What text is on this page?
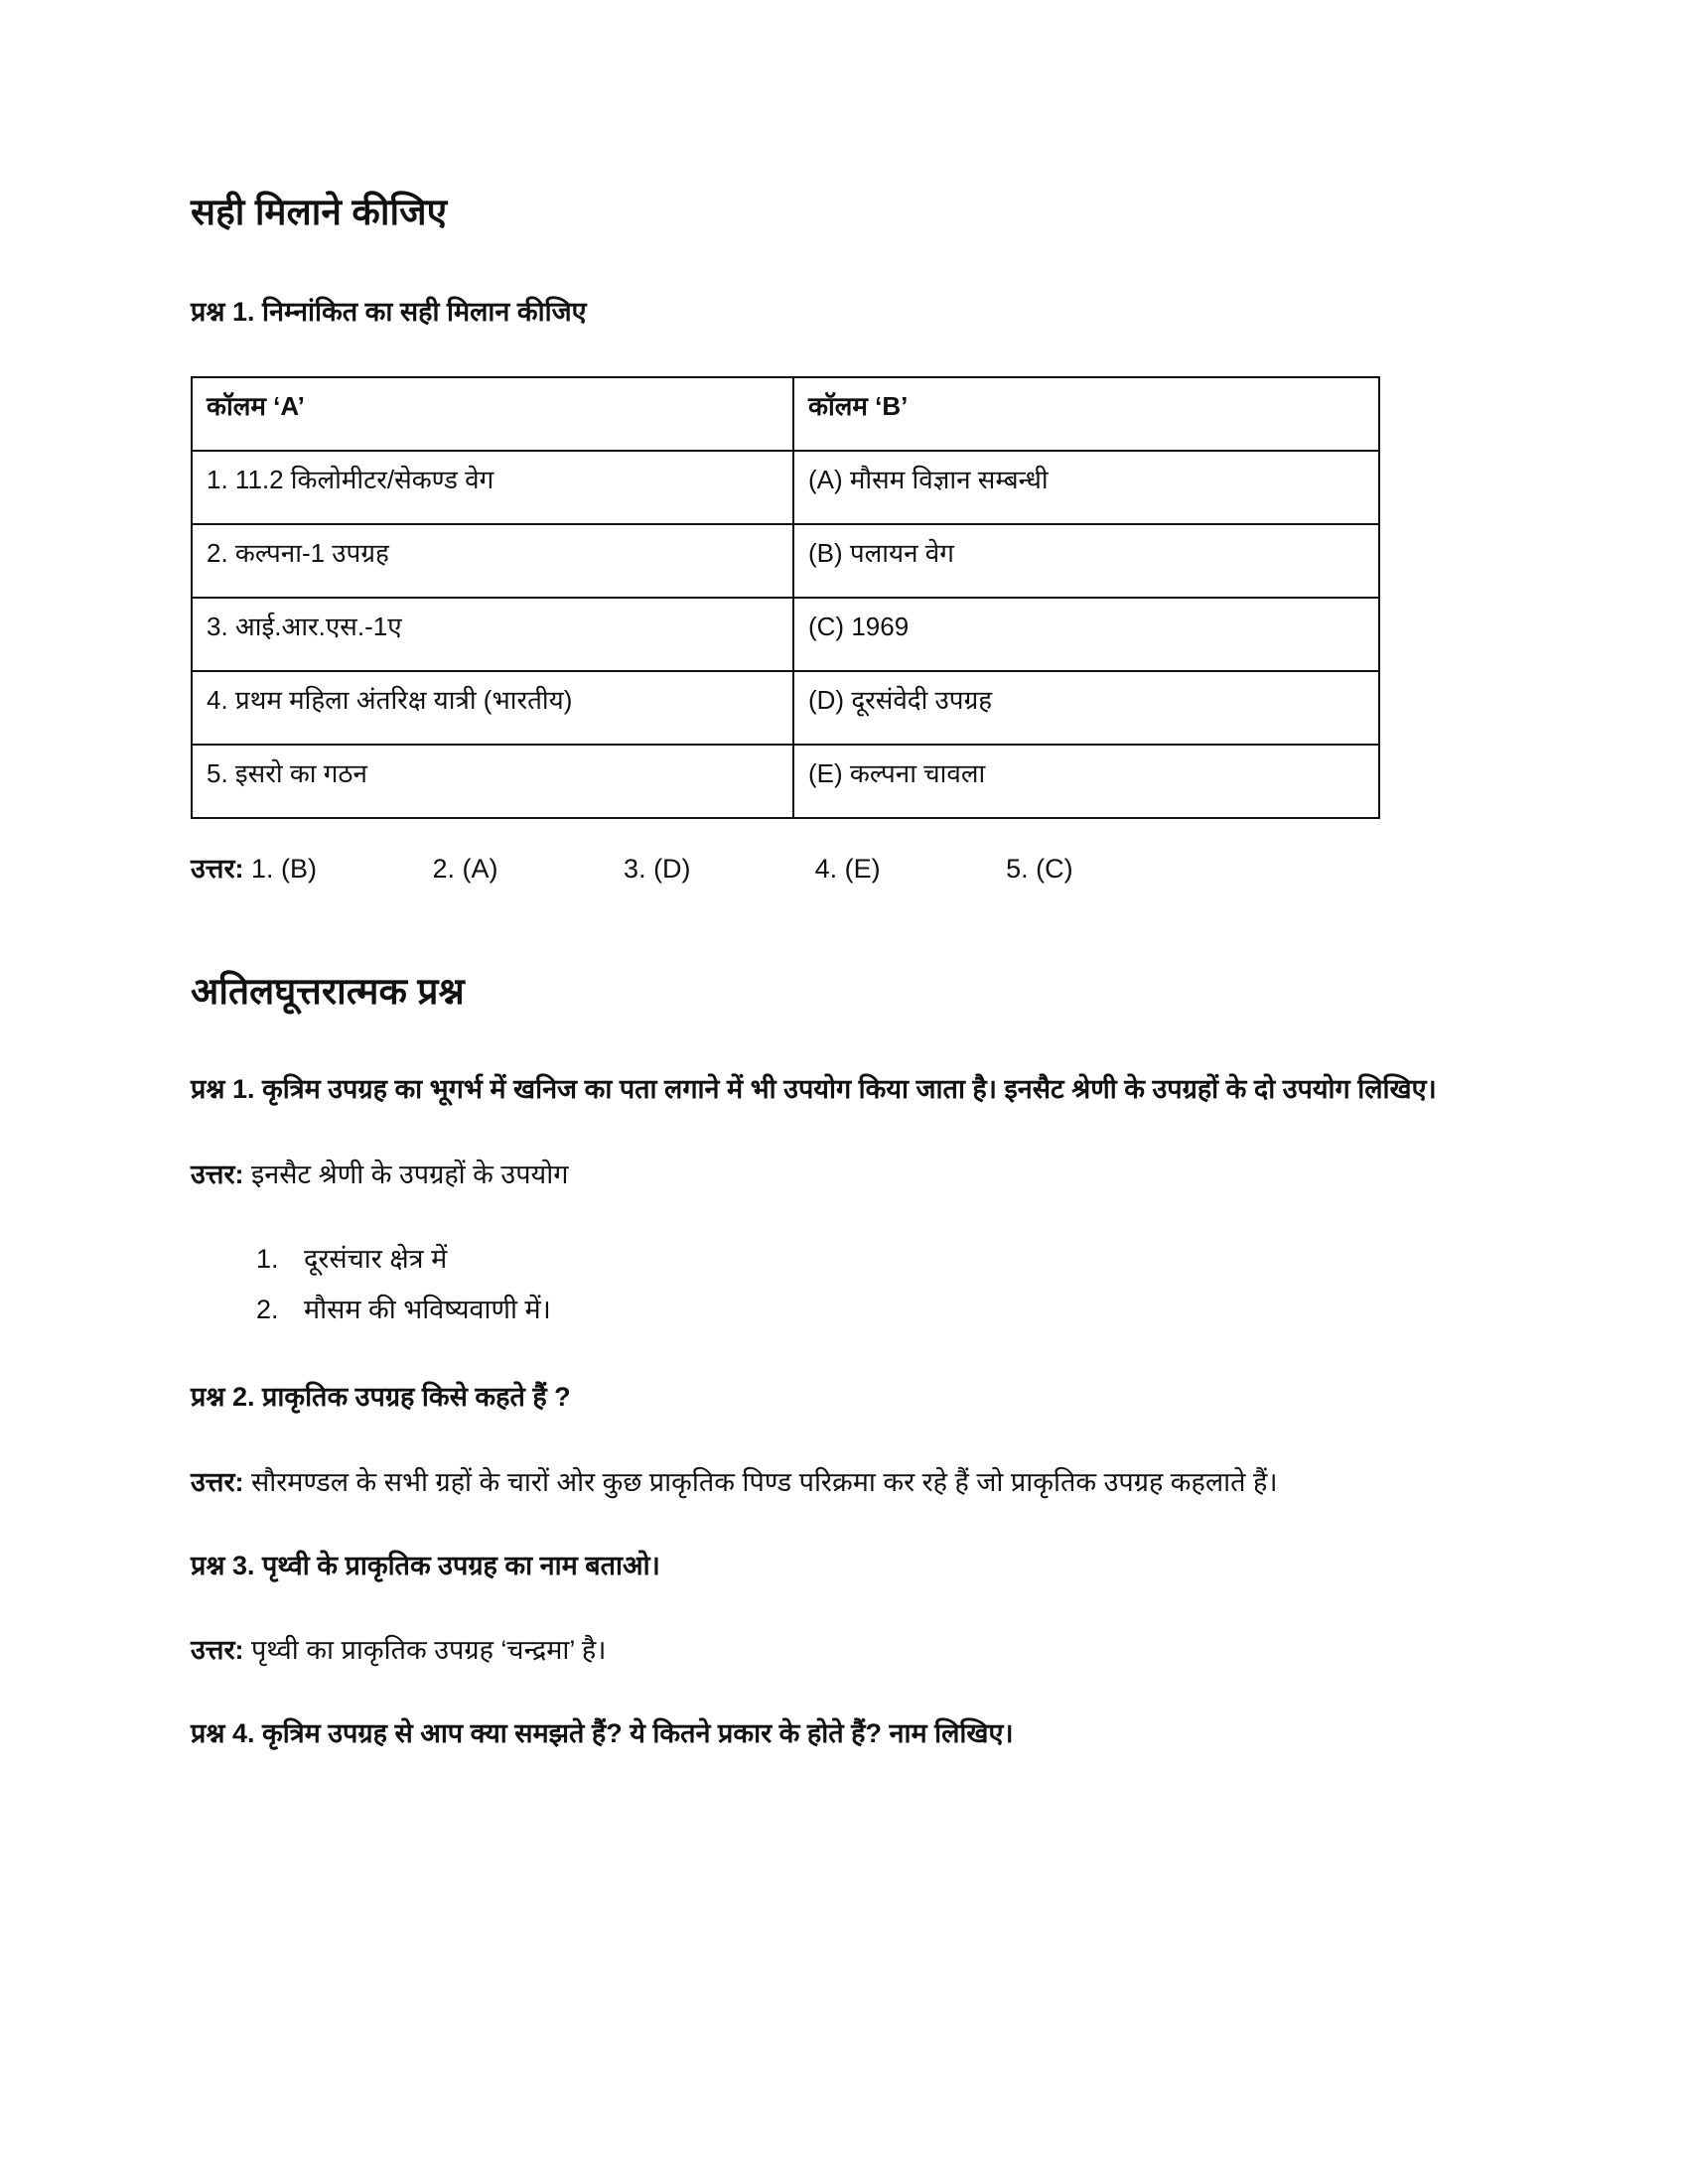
सही मिलाने कीजिए

प्रश्न 1. निम्नांकित का सही मिलान कीजिए

कॉलम ‘A’	कॉलम ‘B’
1. 11.2 किलोमीटर/सेकण्ड वेग	(A) मौसम विज्ञान सम्बन्धी
2. कल्पना-1 उपग्रह	(B) पलायन वेग
3. आई.आर.एस.-1ए	(C) 1969
4. प्रथम महिला अंतरिक्ष यात्री (भारतीय)	(D) दूरसंवेदी उपग्रह
5. इसरो का गठन	(E) कल्पना चावला

उत्तर: 1. (B)	2. (A)	3. (D)	4. (E)	5. (C)

अतिलघूत्तरात्मक प्रश्न

प्रश्न 1. कृत्रिम उपग्रह का भूगर्भ में खनिज का पता लगाने में भी उपयोग किया जाता है। इनसैट श्रेणी के उपग्रहों के दो उपयोग लिखिए।

उत्तर: इनसैट श्रेणी के उपग्रहों के उपयोग

1. दूरसंचार क्षेत्र में
2. मौसम की भविष्यवाणी में।

प्रश्न 2. प्राकृतिक उपग्रह किसे कहते हैं ?

उत्तर: सौरमण्डल के सभी ग्रहों के चारों ओर कुछ प्राकृतिक पिण्ड परिक्रमा कर रहे हैं जो प्राकृतिक उपग्रह कहलाते हैं।

प्रश्न 3. पृथ्वी के प्राकृतिक उपग्रह का नाम बताओ।

उत्तर: पृथ्वी का प्राकृतिक उपग्रह ‘चन्द्रमा’ है।

प्रश्न 4. कृत्रिम उपग्रह से आप क्या समझते हैं? ये कितने प्रकार के होते हैं? नाम लिखिए।
